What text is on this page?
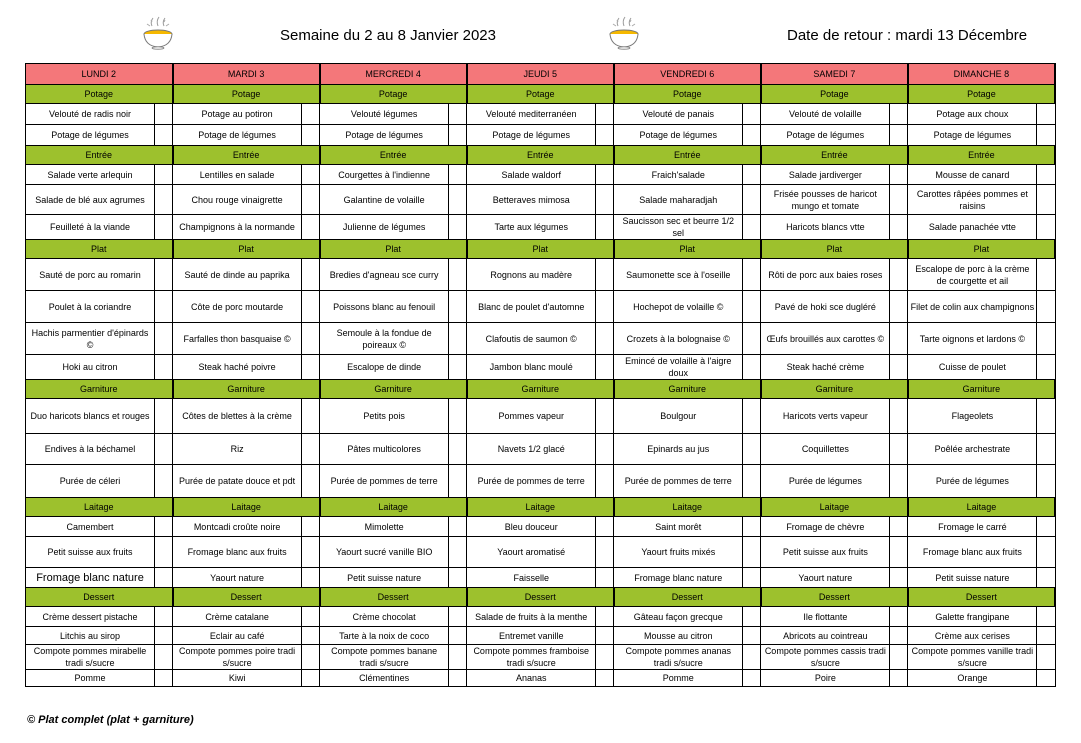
Semaine du 2 au 8 Janvier 2023	Date de retour : mardi 13 Décembre
LUNDI 2		MARDI 3		MERCREDI 4		JEUDI 5		VENDREDI 6		SAMEDI 7		DIMANCHE 8	
Potage		Potage		Potage		Potage		Potage		Potage		Potage	
Velouté de radis noir		Potage au potiron		Velouté légumes		Velouté mediterranéen		Velouté de panais		Velouté de volaille		Potage aux choux	
Potage de légumes		Potage de légumes		Potage de légumes		Potage de légumes		Potage de légumes		Potage de légumes		Potage de légumes	
Entrée		Entrée		Entrée		Entrée		Entrée		Entrée		Entrée	
Salade verte arlequin		Lentilles en salade		Courgettes à l'indienne		Salade waldorf		Fraich'salade		Salade jardiverger		Mousse de canard	
Salade de blé aux agrumes		Chou rouge vinaigrette		Galantine de volaille		Betteraves mimosa		Salade maharadjah		Frisée pousses de haricot mungo et tomate		Carottes râpées pommes et raisins	
Feuilleté à la viande		Champignons à la normande		Julienne de légumes		Tarte aux légumes		Saucisson sec et beurre 1/2 sel		Haricots blancs vtte		Salade panachée vtte	
Plat		Plat		Plat		Plat		Plat		Plat		Plat	
Sauté de porc au romarin		Sauté de dinde au paprika		Bredies d'agneau sce curry		Rognons au madère		Saumonette sce à l'oseille		Rôti de porc aux baies roses		Escalope de porc à la crème de courgette et ail	
Poulet à la coriandre		Côte de porc moutarde		Poissons blanc au fenouil		Blanc de poulet d'automne		Hochepot de volaille ©		Pavé de hoki sce dugléré		Filet de colin aux champignons	
Hachis parmentier d'épinards ©		Farfalles thon basquaise ©		Semoule à la fondue de poireaux ©		Clafoutis de saumon ©		Crozets à la bolognaise ©		Œufs brouillés aux carottes ©		Tarte oignons et lardons ©	
Hoki au citron		Steak haché poivre		Escalope de dinde		Jambon blanc moulé		Emincé de volaille à l'aigre doux		Steak haché crème		Cuisse de poulet	
Garniture		Garniture		Garniture		Garniture		Garniture		Garniture		Garniture	
Duo haricots blancs et rouges		Côtes de blettes à la crème		Petits pois		Pommes vapeur		Boulgour		Haricots verts vapeur		Flageolets	
Endives à la béchamel		Riz		Pâtes multicolores		Navets 1/2 glacé		Epinards au jus		Coquillettes		Poêlée archestrate	
Purée de céleri		Purée de patate douce et pdt		Purée de pommes de terre		Purée de pommes de terre		Purée de pommes de terre		Purée de légumes		Purée de légumes	
Laitage		Laitage		Laitage		Laitage		Laitage		Laitage		Laitage	
Camembert		Montcadi croûte noire		Mimolette		Bleu douceur		Saint morêt		Fromage de chèvre		Fromage le carré	
Petit suisse aux fruits		Fromage blanc aux fruits		Yaourt sucré vanille BIO		Yaourt aromatisé		Yaourt fruits mixés		Petit suisse aux fruits		Fromage blanc aux fruits	
Fromage blanc nature		Yaourt nature		Petit suisse nature		Faisselle		Fromage blanc nature		Yaourt nature		Petit suisse nature	
Dessert		Dessert		Dessert		Dessert		Dessert		Dessert		Dessert	
Crème dessert pistache		Crème catalane		Crème chocolat		Salade de fruits à la menthe		Gâteau façon grecque		Ile flottante		Galette frangipane	
Litchis au sirop		Eclair au café		Tarte à la noix de coco		Entremet vanille		Mousse au citron		Abricots au cointreau		Crème aux cerises	
Compote pommes mirabelle tradi s/sucre		Compote pommes poire tradi s/sucre		Compote pommes banane tradi s/sucre		Compote pommes framboise tradi s/sucre		Compote pommes ananas tradi s/sucre		Compote pommes cassis tradi s/sucre		Compote pommes vanille tradi s/sucre	
Pomme		Kiwi		Clémentines		Ananas		Pomme		Poire		Orange	
© Plat complet (plat + garniture)
